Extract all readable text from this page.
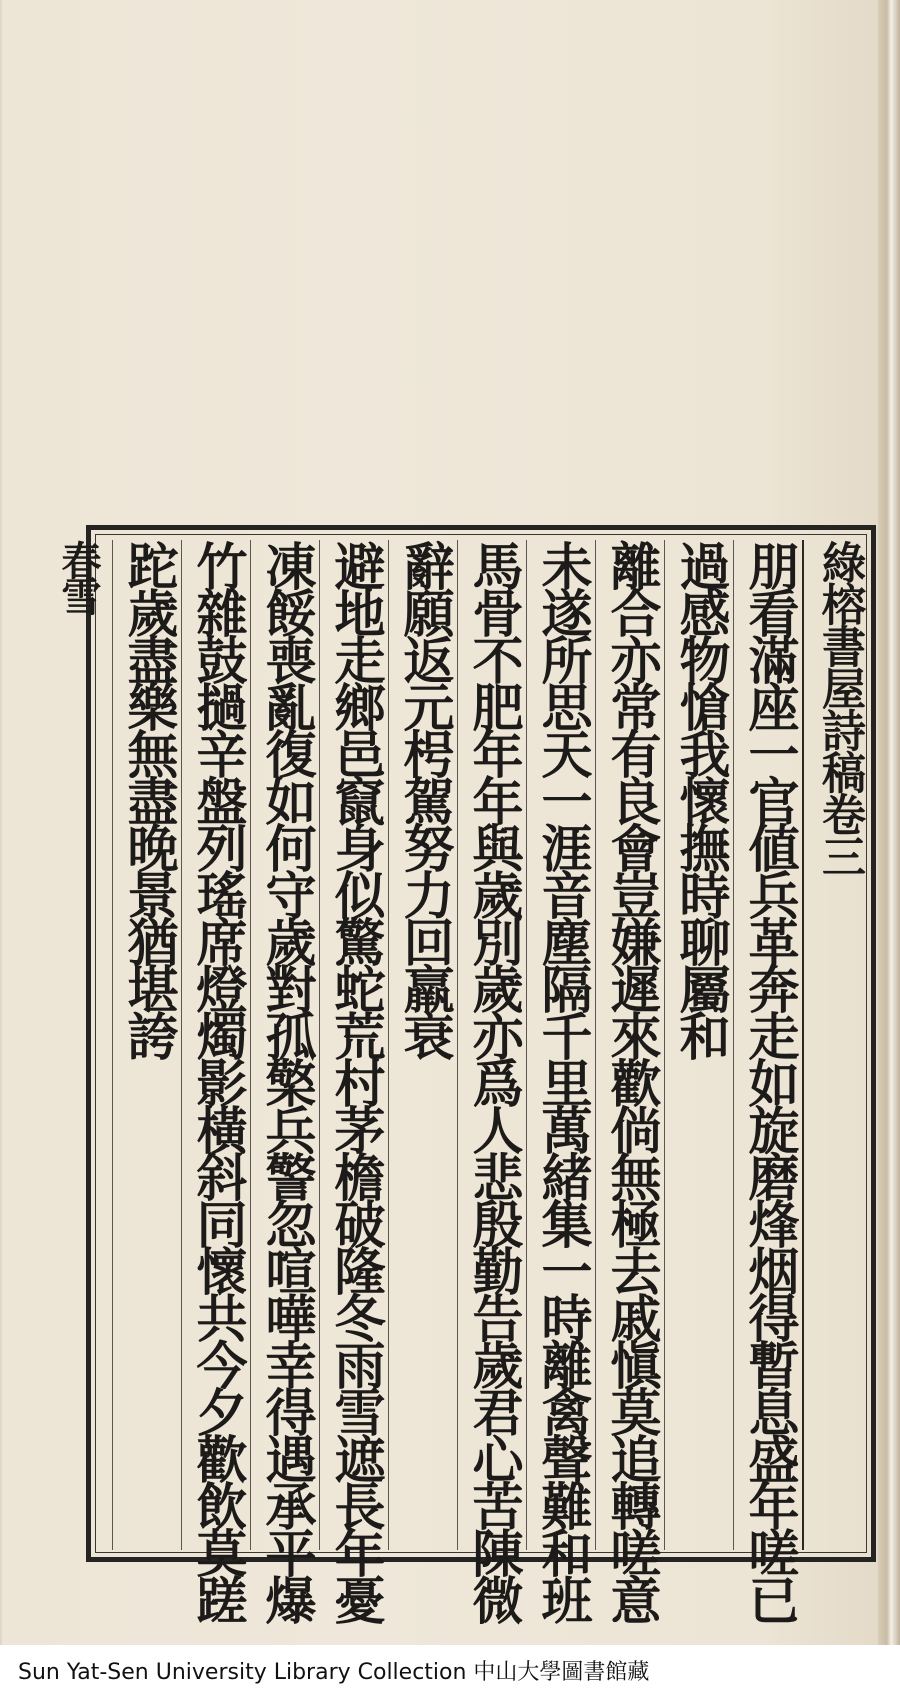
綠榕書屋詩稿卷三
朋看滿座一官値兵革奔走如旋磨烽烟得暫息盛年嗟已
過感物愴我懷撫時聊屬和
離合亦常有良會豈嫌遲來歡倘無極去戚愼莫追轉嗟意
未遂所思天一涯音塵隔千里萬緒集一時離禽聲難和班
馬骨不肥年年與歲別歲亦爲人悲殷勤告歲君心苦陳微
辭願返元枵駕努力回羸衰
避地走鄉邑竄身似驚蛇荒村茅檐破隆冬雨雪遮長年憂
凍餒喪亂復如何守歲對孤檠兵警忽喧嘩幸得遇承平爆
竹雜鼓撾辛盤列瑤席燈燭影橫斜同懷共今夕歡飲莫蹉
跎歲盡樂無盡晚景猶堪誇
春雪
Sun Yat-Sen University Library Collection 中山大學圖書館藏
